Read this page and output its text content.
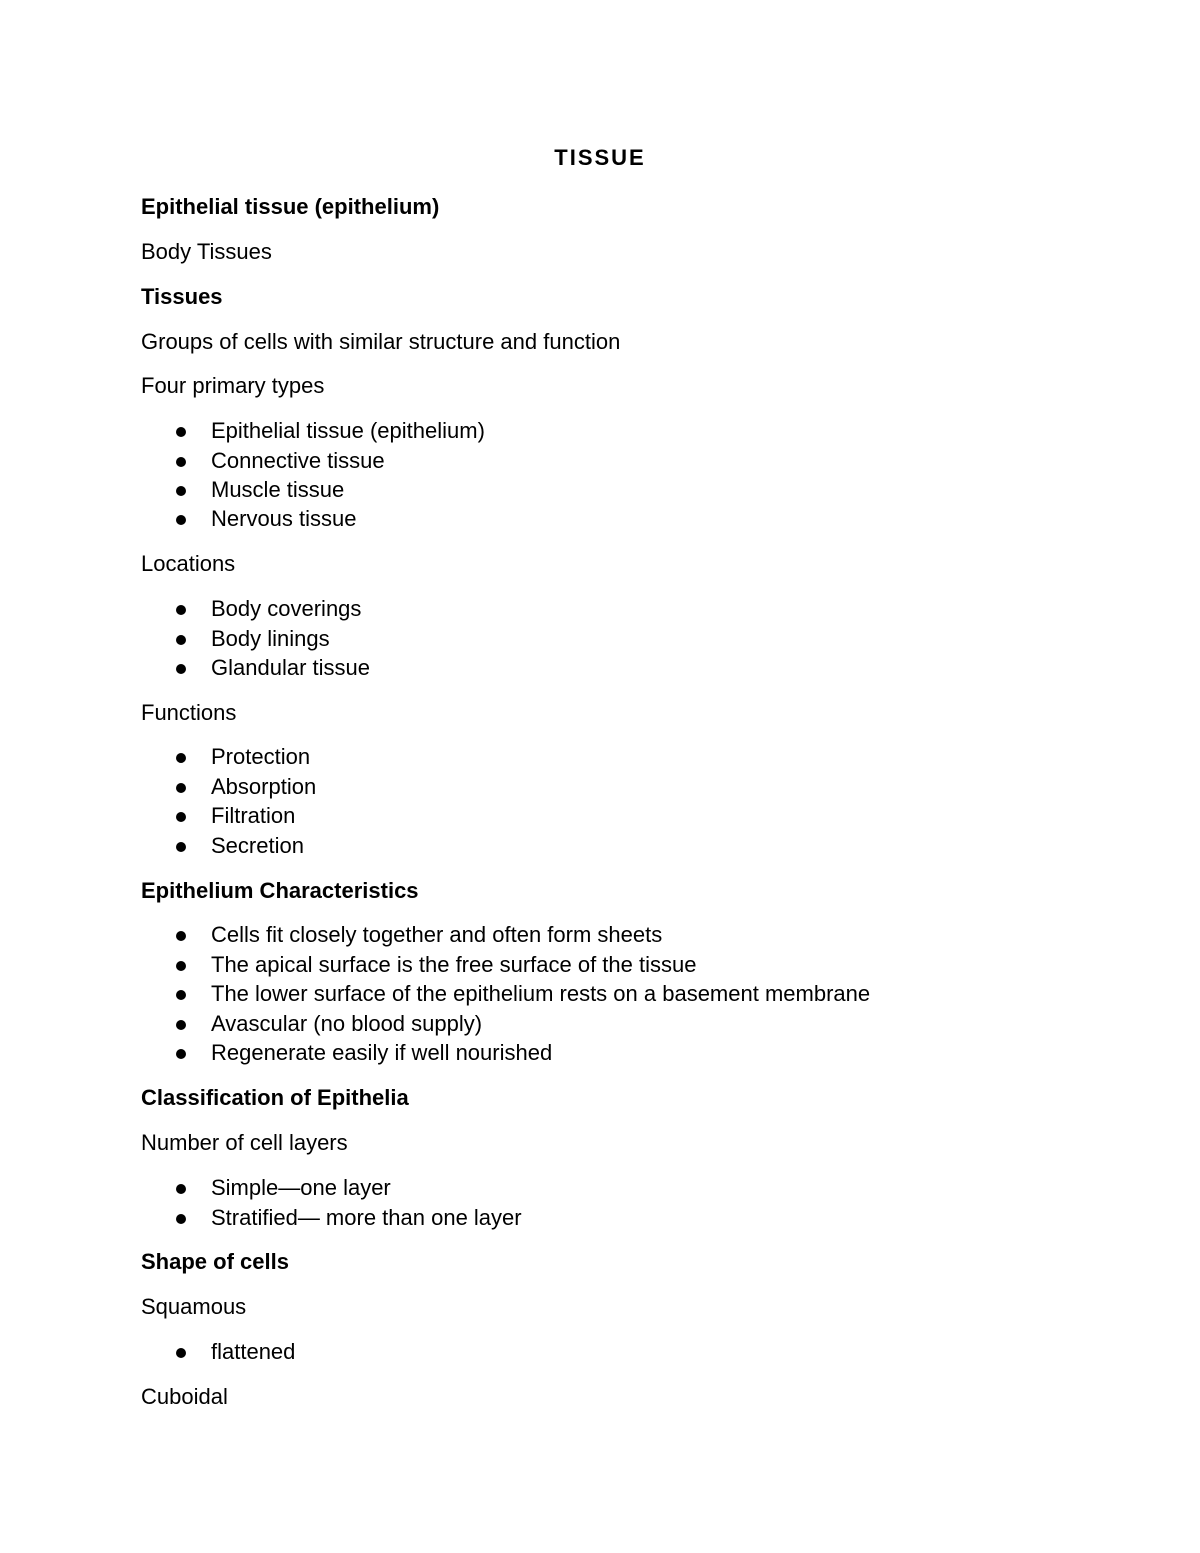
TISSUE
Epithelial tissue (epithelium)
Body Tissues
Tissues
Groups of cells with similar structure and function
Four primary types
Epithelial tissue (epithelium)
Connective tissue
Muscle tissue
Nervous tissue
Locations
Body coverings
Body linings
Glandular tissue
Functions
Protection
Absorption
Filtration
Secretion
Epithelium Characteristics
Cells fit closely together and often form sheets
The apical surface is the free surface of the tissue
The lower surface of the epithelium rests on a basement membrane
Avascular (no blood supply)
Regenerate easily if well nourished
Classification of Epithelia
Number of cell layers
Simple—one layer
Stratified— more than one layer
Shape of cells
Squamous
flattened
Cuboidal
